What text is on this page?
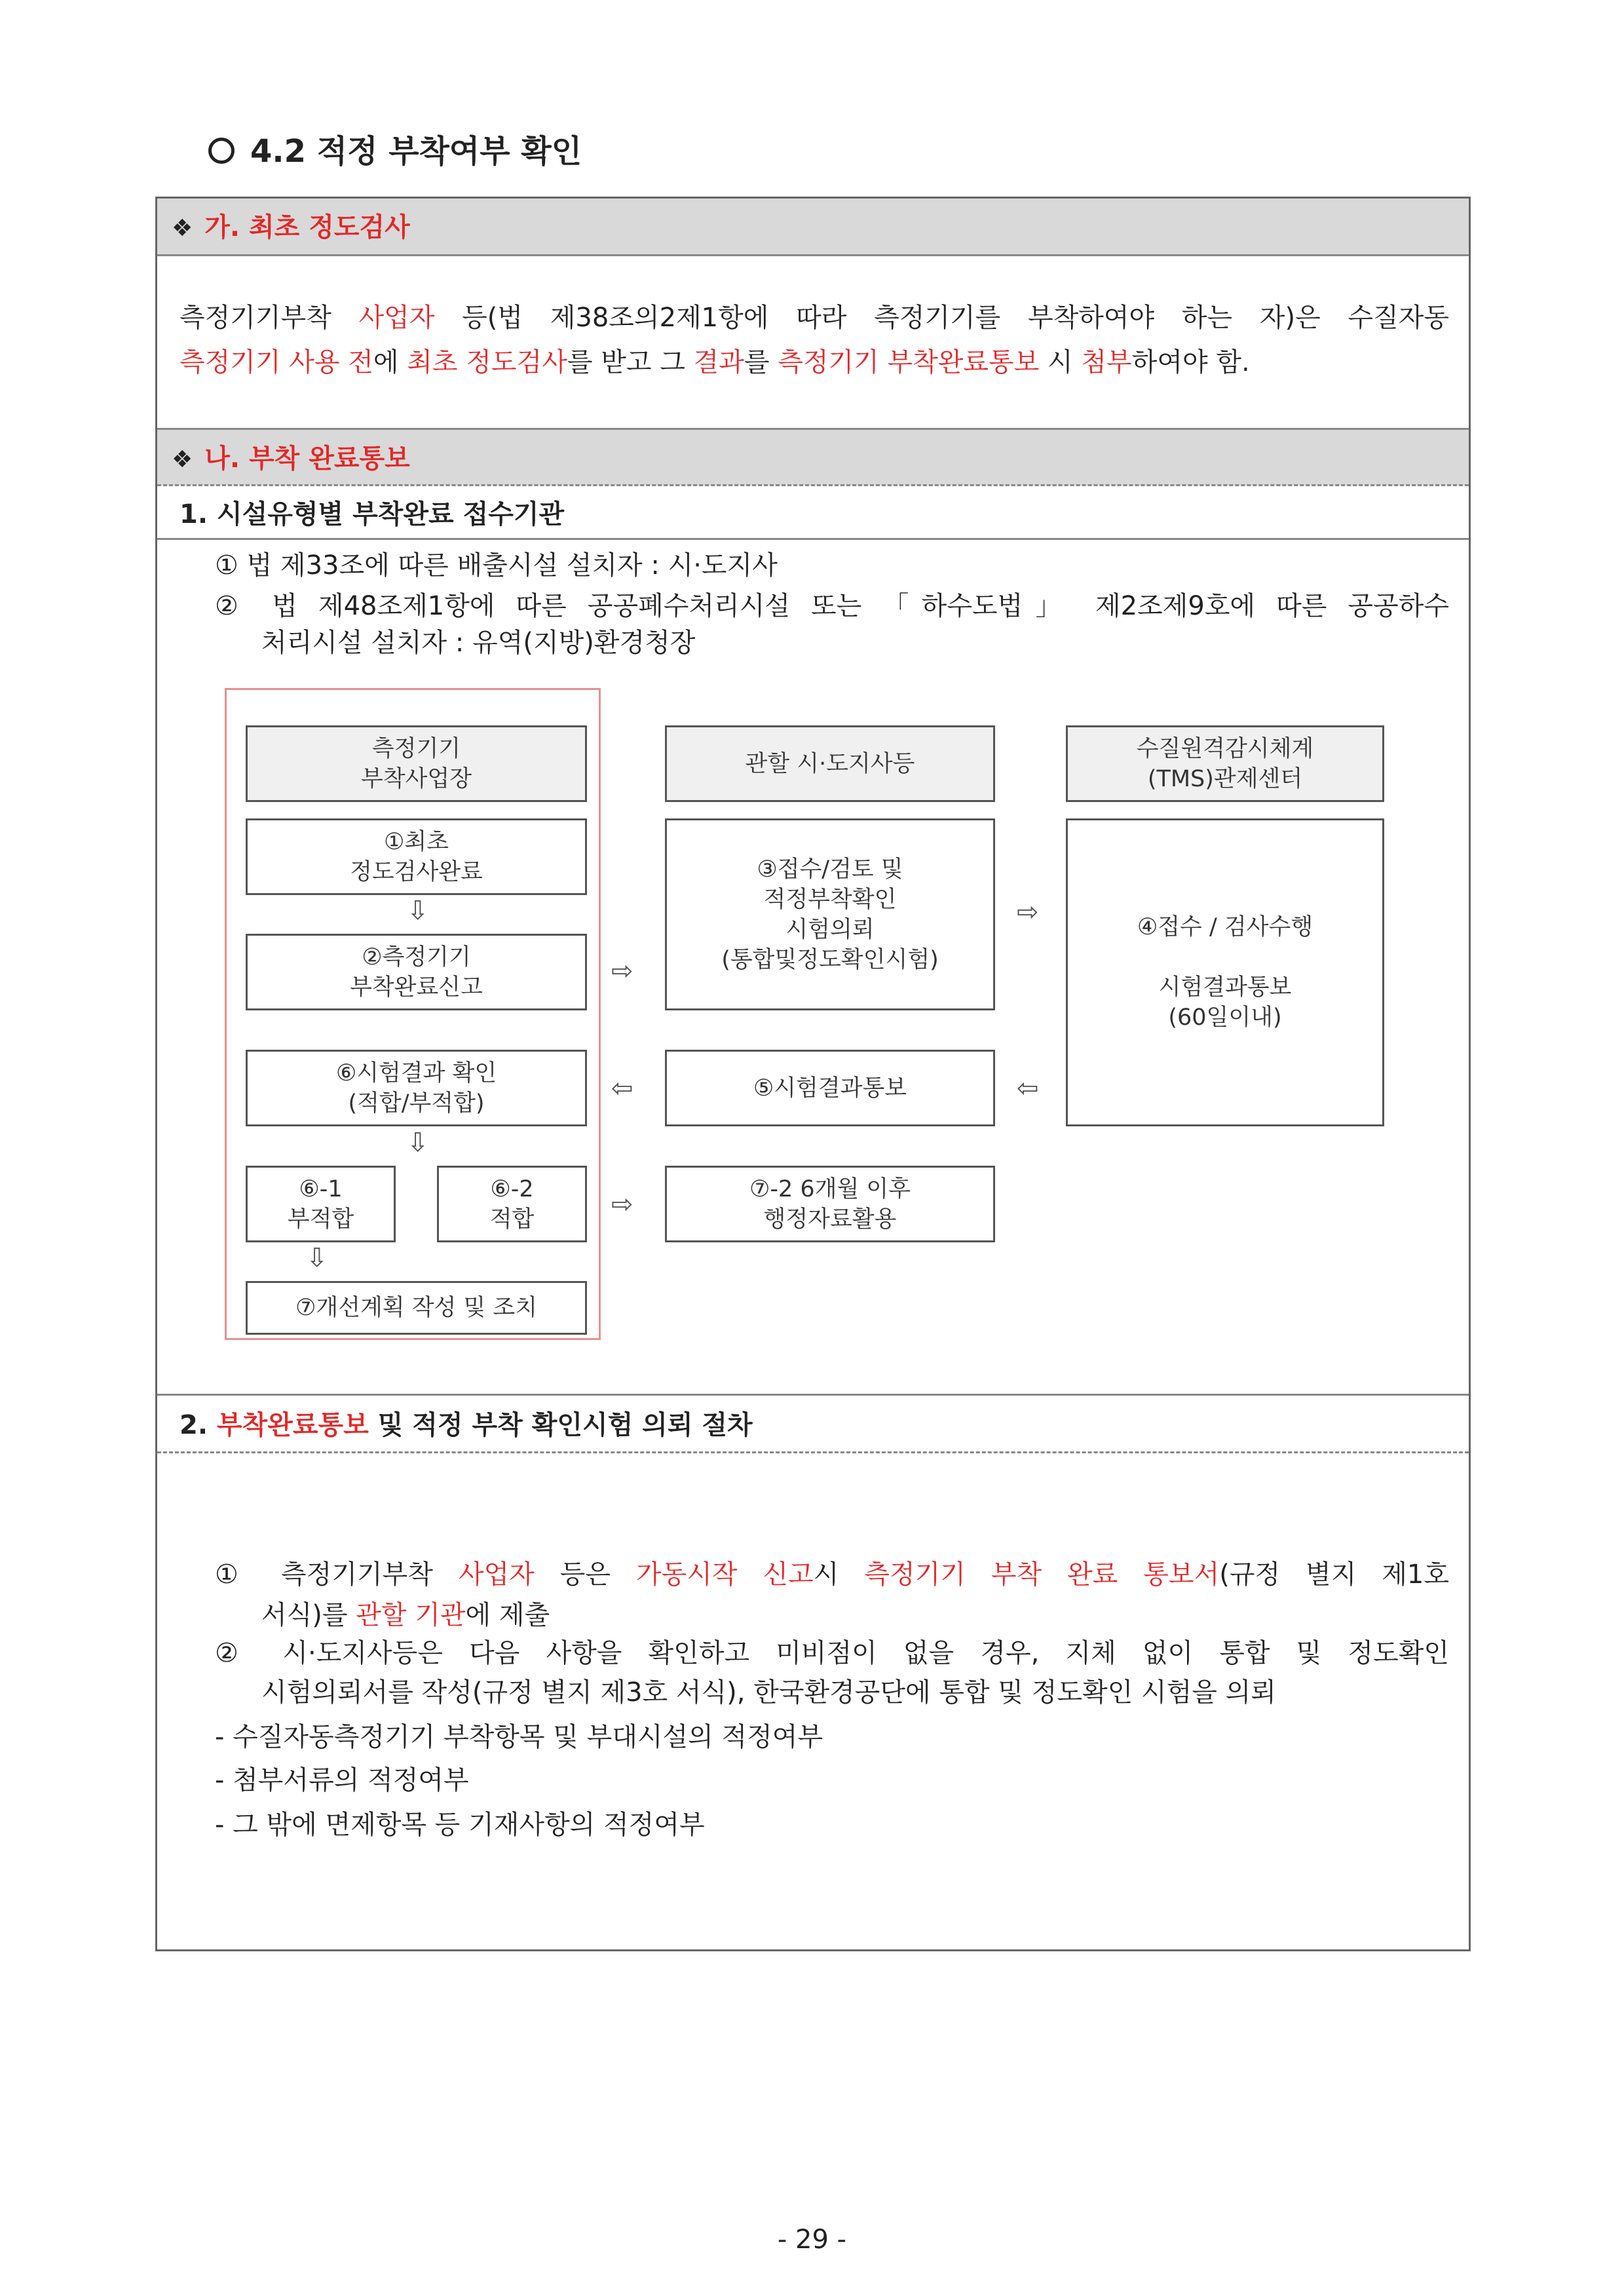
4.2 적정 부착여부 확인
❖ 가. 최초 정도검사
측정기기부착 사업자 등(법 제38조의2제1항에 따라 측정기기를 부착하여야 하는 자)은 수질자동
측정기기 사용 전에 최초 정도검사를 받고 그 결과를 측정기기 부착완료통보 시 첨부하여야 함.
❖ 나. 부착 완료통보
1. 시설유형별 부착완료 접수기관
① 법 제33조에 따른 배출시설 설치자 : 시·도지사
② 법 제48조제1항에 따른 공공폐수처리시설 또는 「하수도법」 제2조제9호에 따른 공공하수
처리시설 설치자 : 유역(지방)환경청장
2. 부착완료통보 및 적정 부착 확인시험 의뢰 절차
① 측정기기부착 사업자 등은 가동시작 신고시 측정기기 부착 완료 통보서(규정 별지 제1호
서식)를 관할 기관에 제출
② 시·도지사등은 다음 사항을 확인하고 미비점이 없을 경우, 지체 없이 통합 및 정도확인
시험의뢰서를 작성(규정 별지 제3호 서식), 한국환경공단에 통합 및 정도확인 시험을 의뢰
- 수질자동측정기기 부착항목 및 부대시설의 적정여부
- 첨부서류의 적정여부
- 그 밖에 면제항목 등 기재사항의 적정여부
측정기기
부착사업장
①최초
정도검사완료
⇩
②측정기기
부착완료신고
⑥시험결과 확인
(적합/부적합)
⇩
⑥-1
부적합
⑥-2
적합
⇩
⑦개선계획 작성 및 조치
⇨
⇦
⇨
관할 시·도지사등
③접수/검토 및
적정부착확인
시험의뢰
(통합및정도확인시험)
⑤시험결과통보
⑦-2 6개월 이후
행정자료활용
⇨
⇦
수질원격감시체계
(TMS)관제센터
④접수 / 검사수행

시험결과통보
(60일이내)
- 29 -
